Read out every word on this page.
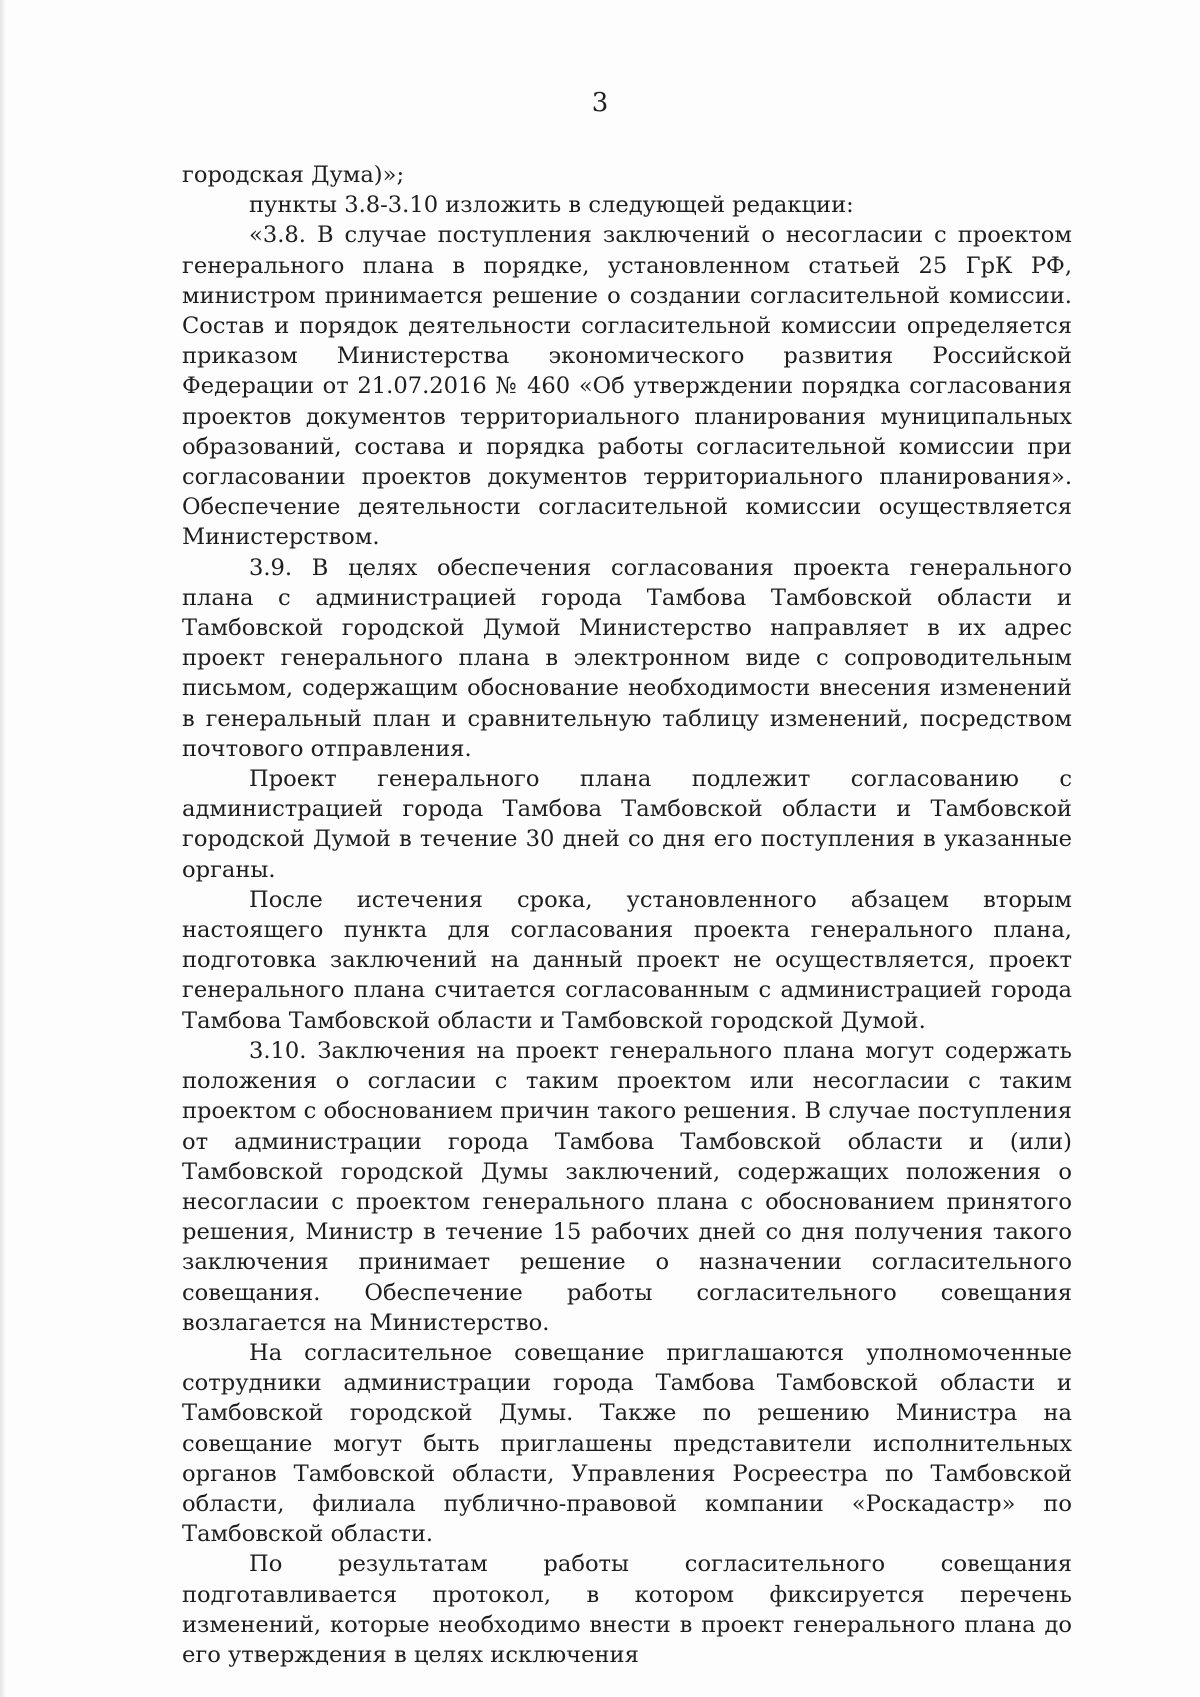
3

городская Дума)»;

пункты 3.8-3.10 изложить в следующей редакции:

«3.8. В случае поступления заключений о несогласии с проектом генерального плана в порядке, установленном статьей 25 ГрК РФ, министром принимается решение о создании согласительной комиссии. Состав и порядок деятельности согласительной комиссии определяется приказом Министерства экономического развития Российской Федерации от 21.07.2016 № 460 «Об утверждении порядка согласования проектов документов территориального планирования муниципальных образований, состава и порядка работы согласительной комиссии при согласовании проектов документов территориального планирования». Обеспечение деятельности согласительной комиссии осуществляется Министерством.

3.9. В целях обеспечения согласования проекта генерального плана с администрацией города Тамбова Тамбовской области и Тамбовской городской Думой Министерство направляет в их адрес проект генерального плана в электронном виде с сопроводительным письмом, содержащим обоснование необходимости внесения изменений в генеральный план и сравнительную таблицу изменений, посредством почтового отправления.

Проект генерального плана подлежит согласованию с администрацией города Тамбова Тамбовской области и Тамбовской городской Думой в течение 30 дней со дня его поступления в указанные органы.

После истечения срока, установленного абзацем вторым настоящего пункта для согласования проекта генерального плана, подготовка заключений на данный проект не осуществляется, проект генерального плана считается согласованным с администрацией города Тамбова Тамбовской области и Тамбовской городской Думой.

3.10. Заключения на проект генерального плана могут содержать положения о согласии с таким проектом или несогласии с таким проектом с обоснованием причин такого решения. В случае поступления от администрации города Тамбова Тамбовской области и (или) Тамбовской городской Думы заключений, содержащих положения о несогласии с проектом генерального плана с обоснованием принятого решения, Министр в течение 15 рабочих дней со дня получения такого заключения принимает решение о назначении согласительного совещания. Обеспечение работы согласительного совещания возлагается на Министерство.

На согласительное совещание приглашаются уполномоченные сотрудники администрации города Тамбова Тамбовской области и Тамбовской городской Думы. Также по решению Министра на совещание могут быть приглашены представители исполнительных органов Тамбовской области, Управления Росреестра по Тамбовской области, филиала публично-правовой компании «Роскадастр» по Тамбовской области.

По результатам работы согласительного совещания подготавливается протокол, в котором фиксируется перечень изменений, которые необходимо внести в проект генерального плана до его утверждения в целях исключения
